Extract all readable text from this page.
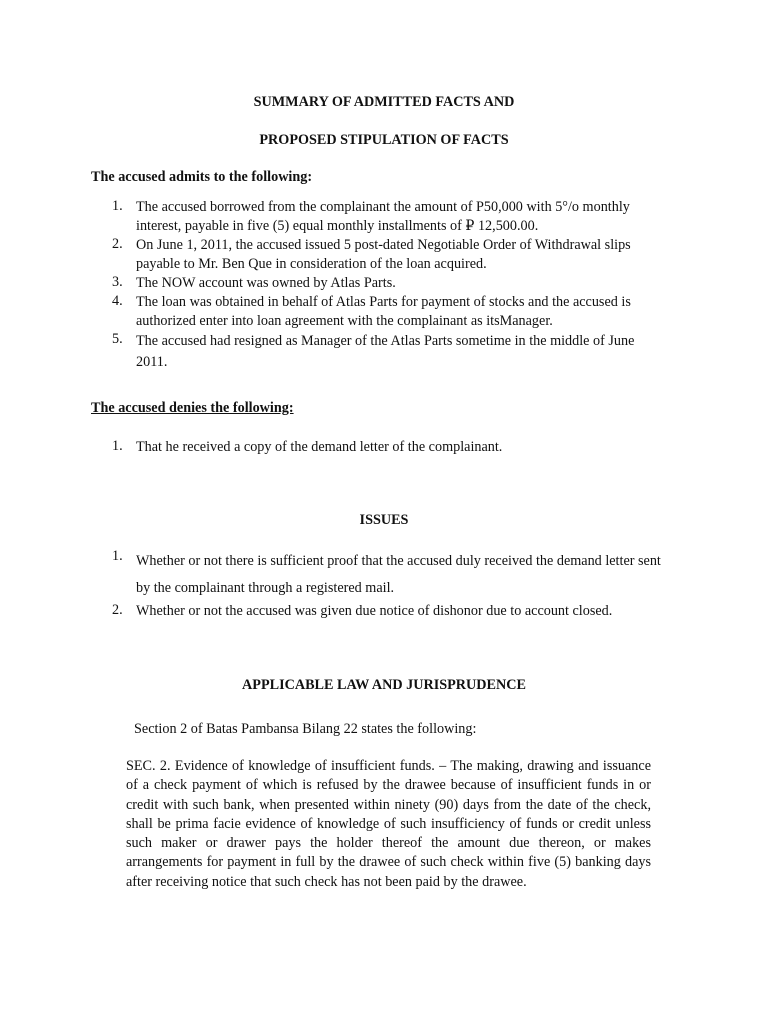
SUMMARY OF ADMITTED FACTS AND
PROPOSED STIPULATION OF FACTS
The accused admits to the following:
1. The accused borrowed from the complainant the amount of P50,000 with 5°/o monthly interest, payable in five (5) equal monthly installments of ₽ 12,500.00.
2. On June 1, 2011, the accused issued 5 post-dated Negotiable Order of Withdrawal slips payable to Mr. Ben Que in consideration of the loan acquired.
3. The NOW account was owned by Atlas Parts.
4. The loan was obtained in behalf of Atlas Parts for payment of stocks and the accused is authorized enter into loan agreement with the complainant as itsManager.
5. The accused had resigned as Manager of the Atlas Parts sometime in the middle of June 2011.
The accused denies the following:
1. That he received a copy of the demand letter of the complainant.
ISSUES
1. Whether or not there is sufficient proof that the accused duly received the demand letter sent by the complainant through a registered mail.
2. Whether or not the accused was given due notice of dishonor due to account closed.
APPLICABLE LAW AND JURISPRUDENCE

Section 2 of Batas Pambansa Bilang 22 states the following:

SEC. 2. Evidence of knowledge of insufficient funds. – The making, drawing and issuance of a check payment of which is refused by the drawee because of insufficient funds in or credit with such bank, when presented within ninety (90) days from the date of the check, shall be prima facie evidence of knowledge of such insufficiency of funds or credit unless such maker or drawer pays the holder thereof the amount due thereon, or makes arrangements for payment in full by the drawee of such check within five (5) banking days after receiving notice that such check has not been paid by the drawee.
